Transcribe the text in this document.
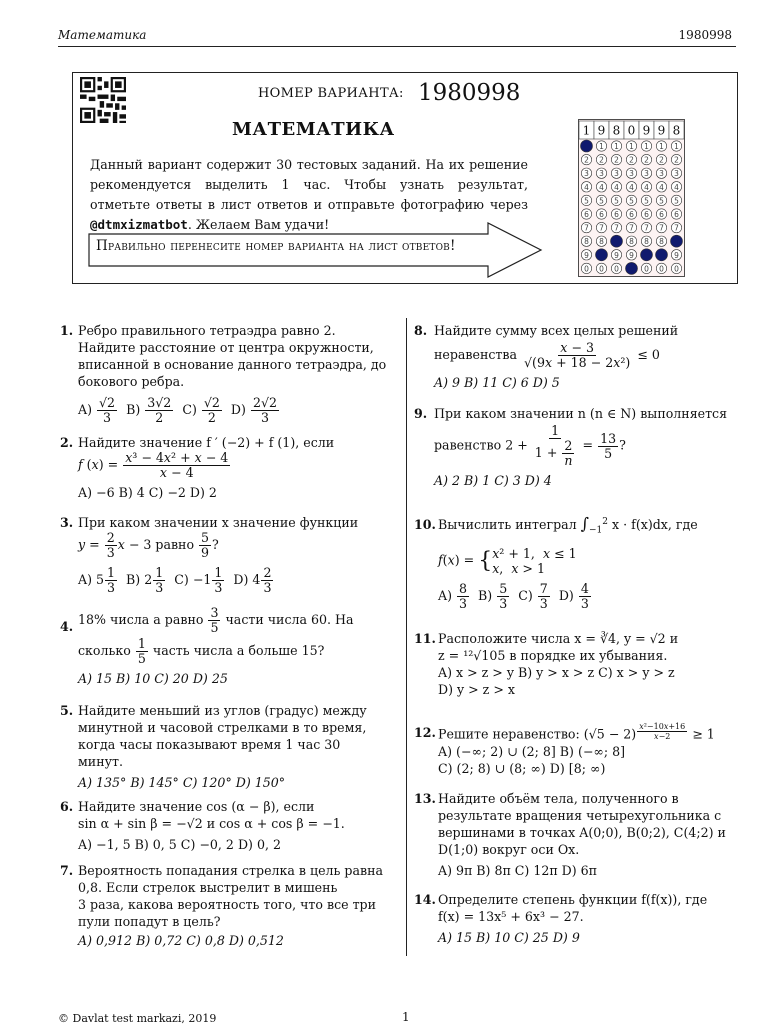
Математика	1980998
НОМЕР ВАРИАНТА: 1980998
МАТЕМАТИКА
Данный вариант содержит 30 тестовых заданий. На их решение рекомендуется выделить 1 час. Чтобы узнать результат, отметьте ответы в лист ответов и отправьте фотографию через @dtmxizmatbot. Желаем Вам удачи!
Правильно перенесите номер варианта на лист ответов!
1
2
3
4
5
6
7
8
9
0
9
1
2
3
4
5
6
7
8
0
8
1
2
3
4
5
6
7
9
0
0
1
2
3
4
5
6
7
8
9
9
1
2
3
4
5
6
7
8
0
9
1
2
3
4
5
6
7
8
0
8
1
2
3
4
5
6
7
9
0
1. Ребро правильного тетраэдра равно 2.
Найдите расстояние от центра окружности,
вписанной в основание данного тетраэдра, до
бокового ребра.
$A) \frac{√2}{3} B) \frac{3√2}{2} C) \frac{√2}{2} D) \frac{2√2}{3}$
2. Найдите значение f ′ (−2) + f (1), если
f $(x) = \frac{\text{x³ − 4x² + x − 4}}{x - 4}$
A) −6 B) 4 C) −2 D) 2
3. При каком значении x значение функции
$y = \frac{2}{3}$ x − 3 равно $\frac{5}{9}$ ?
A) $5 \frac{1}{3} B$) $2 \frac{1}{3} C) -1 \frac{1}{3} D$) $4 \frac{2}{3}$
4. 18% числа a равно $\frac{3}{5}$ части числа 60. На
сколько $\frac{1}{5}$ часть числа a больше 15?
A) 15 B) 10 C) 20 D) 25
5. Найдите меньший из углов (градус) между
минутной и часовой стрелками в то время,
когда часы показывают время 1 час 30
минут.
A) 135° B) 145° C) 120° D) 150°
6. Найдите значение cos (α − β), если
sin α + sin β = −√2 и cos α + cos β = −1.
A) −1, 5 B) 0, 5 C) −0, 2 D) 0, 2
7. Вероятность попадания стрелка в цель равна
0,8. Если стрелок выстрелит в мишень
3 раза, какова вероятность того, что все три
пули попадут в цель?
A) 0,912 B) 0,72 C) 0,8 D) 0,512
8. Найдите сумму всех целых решений
неравенства $\frac{x - 3}{\text{√(9x + 18 − 2x²)}} \le 0$
A) 9 B) 11 C) 6 D) 5
9. При каком значении n (n ∈ N) выполняется
равенство $2 + \frac{1}{1 + \frac{2}{n}} = \frac{13}{5}$ ?
A) 2 B) 1 C) 3 D) 4
10. Вычислить интеграл $\int_{-1}^2$ x · f(x)dx, где
f(x) = {x² + 1,  x ≤ 1
x,  x > 1
$A) \frac{8}{3} B) \frac{5}{3} C) \frac{7}{3} D) \frac{4}{3}$
11. Расположите числа x = ∛4, y = √2 и
z = ¹²√105 в порядке их убывания.
A) x > z > y B) y > x > z C) x > y > z
D) y > z > x
12. Решите неравенство: (√5 − 2) $^{\frac{\text{x²−10x+16}}{x-2}}$ ≥ 1
A) (−∞; 2) ∪ (2; 8] B) (−∞; 8]
C) (2; 8) ∪ (8; ∞) D) [8; ∞)
13. Найдите объём тела, полученного в
результате вращения четырехугольника с
вершинами в точках A(0;0), B(0;2), C(4;2) и
D(1;0) вокруг оси Ox.
A) 9π B) 8π C) 12π D) 6π
14. Определите степень функции f(f(x)), где
f(x) = 13x⁵ + 6x³ − 27.
A) 15 B) 10 C) 25 D) 9
© Davlat test markazi, 2019	1
